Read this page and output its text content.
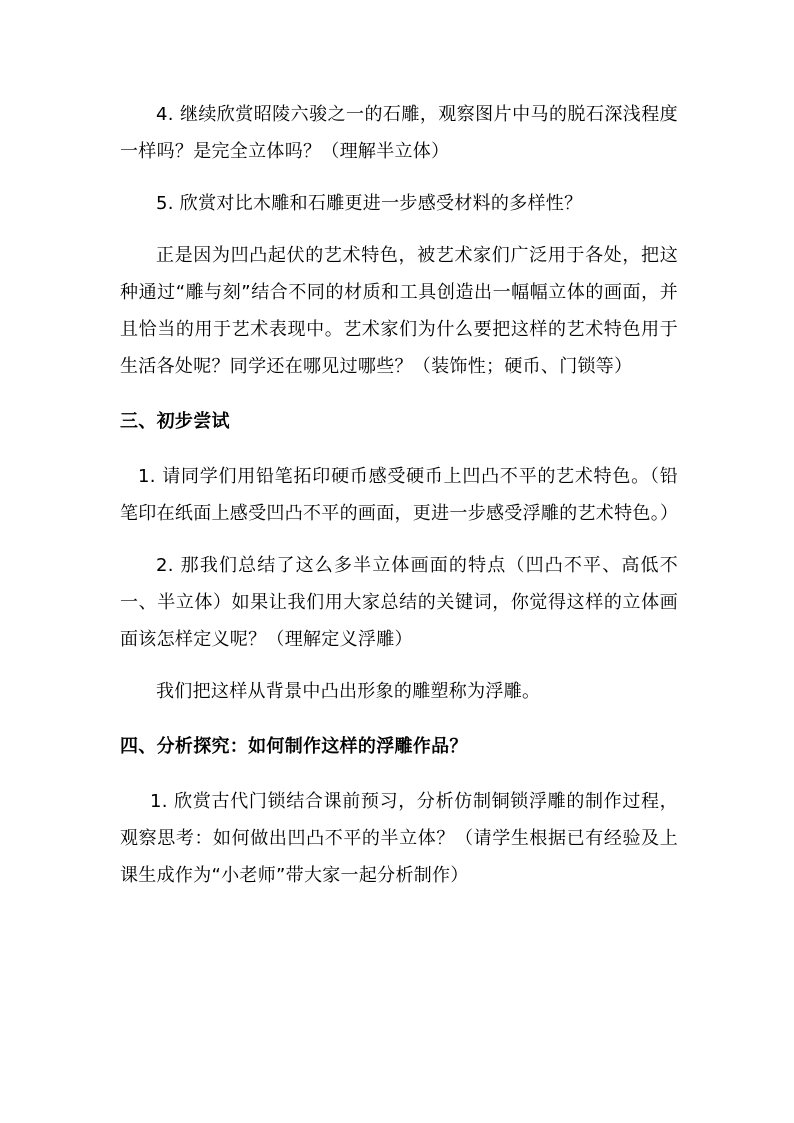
4. 继续欣赏昭陵六骏之一的石雕，观察图片中马的脱石深浅程度一样吗？是完全立体吗？（理解半立体）

5. 欣赏对比木雕和石雕更进一步感受材料的多样性？

正是因为凹凸起伏的艺术特色，被艺术家们广泛用于各处，把这种通过“雕与刻”结合不同的材质和工具创造出一幅幅立体的画面，并且恰当的用于艺术表现中。艺术家们为什么要把这样的艺术特色用于生活各处呢？同学还在哪见过哪些？（装饰性；硬币、门锁等）

三、初步尝试

1. 请同学们用铅笔拓印硬币感受硬币上凹凸不平的艺术特色。（铅笔印在纸面上感受凹凸不平的画面，更进一步感受浮雕的艺术特色。）

2. 那我们总结了这么多半立体画面的特点（凹凸不平、高低不一、半立体）如果让我们用大家总结的关键词，你觉得这样的立体画面该怎样定义呢？（理解定义浮雕）

我们把这样从背景中凸出形象的雕塑称为浮雕。

四、分析探究：如何制作这样的浮雕作品？

1. 欣赏古代门锁结合课前预习，分析仿制铜锁浮雕的制作过程，观察思考：如何做出凹凸不平的半立体？（请学生根据已有经验及上课生成作为“小老师”带大家一起分析制作）
